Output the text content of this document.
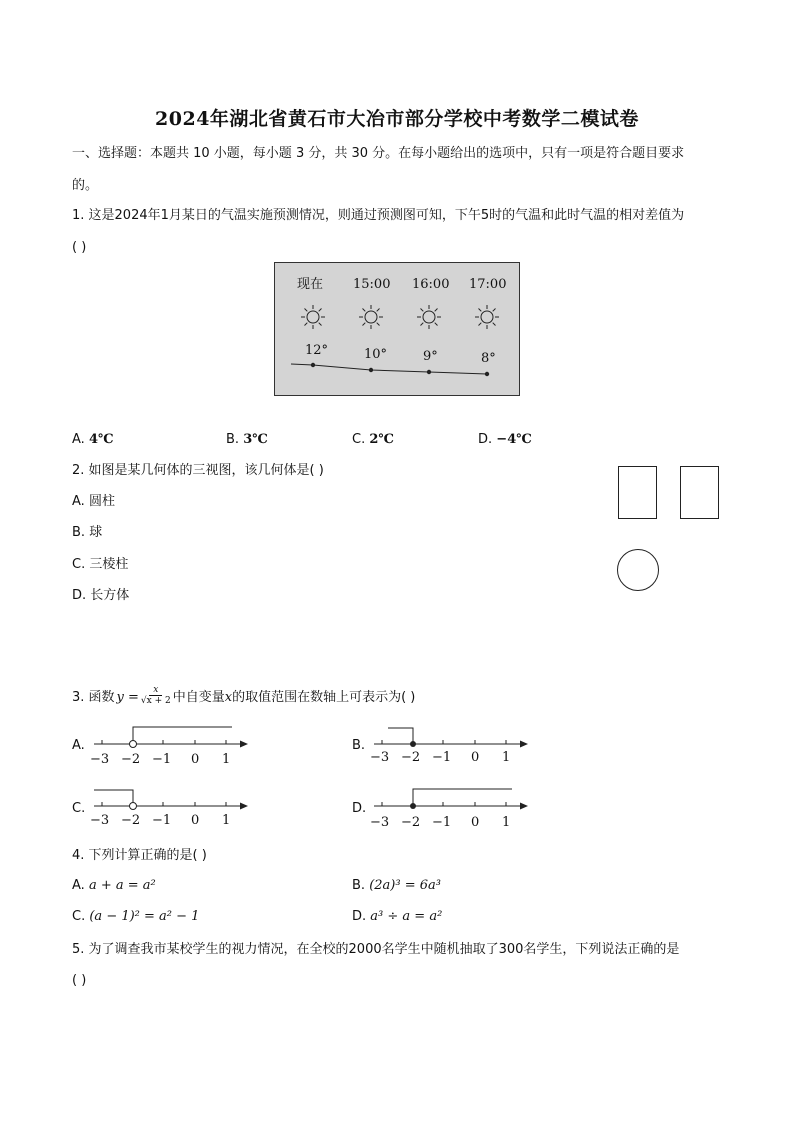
2024年湖北省黄石市大冶市部分学校中考数学二模试卷
一、选择题：本题共 10 小题，每小题 3 分，共 30 分。在每小题给出的选项中，只有一项是符合题目要求
的。
1. 这是2024年1月某日的气温实施预测情况，则通过预测图可知，下午5时的气温和此时气温的相对差值为
( )
现在 15:00 16:00 17:00
12°	10°	9°	8°
A. 4℃	B. 3℃	C. 2℃	D. −4℃
2. 如图是某几何体的三视图，该几何体是( )
A. 圆柱
B. 球
C. 三棱柱
D. 长方体
3. 函数 $y = \frac{x}{√x + 2}$ 中自变量 x 的取值范围在数轴上可表示为( )
A.
−3 −2 −1 0 1
B.
−3 −2 −1 0 1
C.
−3 −2 −1 0 1
D.
−3 −2 −1 0 1
4. 下列计算正确的是( )
A. a + a = a²	B. (2a)³ = 6a³
C. (a − 1)² = a² − 1	D. a³ ÷ a = a²
5. 为了调查我市某校学生的视力情况，在全校的2000名学生中随机抽取了300名学生，下列说法正确的是
( )
